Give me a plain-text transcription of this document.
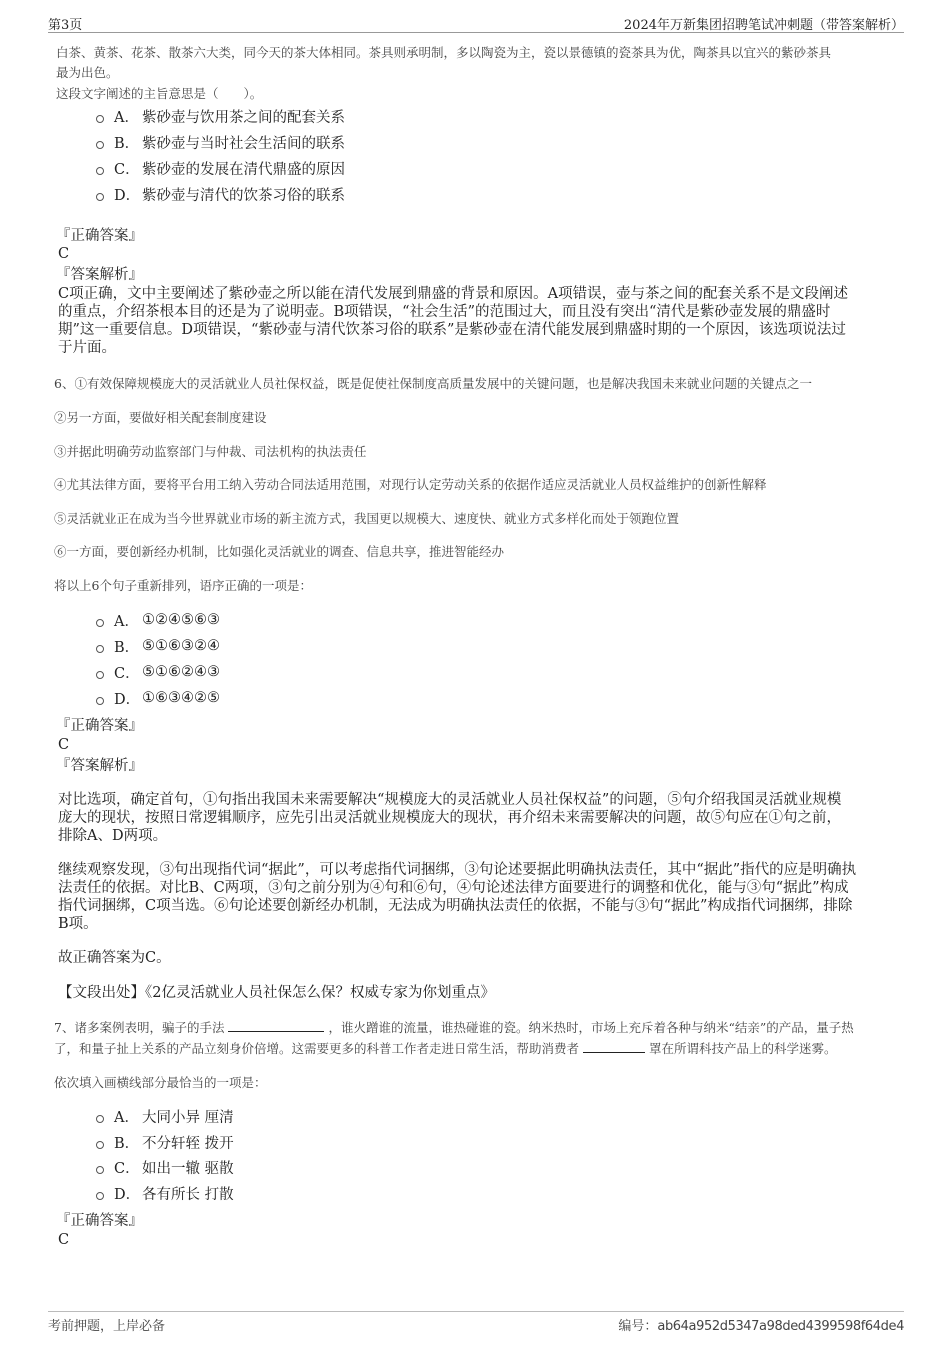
第3页	2024年万新集团招聘笔试冲刺题（带答案解析）
白茶、黄茶、花茶、散茶六大类，同今天的茶大体相同。茶具则承明制，多以陶瓷为主，瓷以景德镇的瓷茶具为优，陶茶具以宜兴的紫砂茶具
最为出色。
这段文字阐述的主旨意思是（　　）。
A． 紫砂壶与饮用茶之间的配套关系
B． 紫砂壶与当时社会生活间的联系
C． 紫砂壶的发展在清代鼎盛的原因
D． 紫砂壶与清代的饮茶习俗的联系
『正确答案』
C
『答案解析』
C项正确，文中主要阐述了紫砂壶之所以能在清代发展到鼎盛的背景和原因。A项错误，壶与茶之间的配套关系不是文段阐述
的重点，介绍茶根本目的还是为了说明壶。B项错误，“社会生活”的范围过大，而且没有突出“清代是紫砂壶发展的鼎盛时
期”这一重要信息。D项错误，“紫砂壶与清代饮茶习俗的联系”是紫砂壶在清代能发展到鼎盛时期的一个原因，该选项说法过
于片面。
6、①有效保障规模庞大的灵活就业人员社保权益，既是促使社保制度高质量发展中的关键问题，也是解决我国未来就业问题的关键点之一
②另一方面，要做好相关配套制度建设
③并据此明确劳动监察部门与仲裁、司法机构的执法责任
④尤其法律方面，要将平台用工纳入劳动合同法适用范围，对现行认定劳动关系的依据作适应灵活就业人员权益维护的创新性解释
⑤灵活就业正在成为当今世界就业市场的新主流方式，我国更以规模大、速度快、就业方式多样化而处于领跑位置
⑥一方面，要创新经办机制，比如强化灵活就业的调查、信息共享，推进智能经办
将以上6个句子重新排列，语序正确的一项是：
A． ①②④⑤⑥③
B． ⑤①⑥③②④
C． ⑤①⑥②④③
D． ①⑥③④②⑤
『正确答案』
C
『答案解析』
对比选项，确定首句，①句指出我国未来需要解决“规模庞大的灵活就业人员社保权益”的问题，⑤句介绍我国灵活就业规模
庞大的现状，按照日常逻辑顺序，应先引出灵活就业规模庞大的现状，再介绍未来需要解决的问题，故⑤句应在①句之前，
排除A、D两项。
继续观察发现，③句出现指代词“据此”，可以考虑指代词捆绑，③句论述要据此明确执法责任，其中“据此”指代的应是明确执
法责任的依据。对比B、C两项，③句之前分别为④句和⑥句，④句论述法律方面要进行的调整和优化，能与③句“据此”构成
指代词捆绑，C项当选。⑥句论述要创新经办机制，无法成为明确执法责任的依据，不能与③句“据此”构成指代词捆绑，排除
B项。
故正确答案为C。
【文段出处】《2亿灵活就业人员社保怎么保？权威专家为你划重点》
7、诸多案例表明，骗子的手法	，谁火蹭谁的流量，谁热碰谁的瓷。纳米热时，市场上充斥着各种与纳米“结亲”的产品，量子热
了，和量子扯上关系的产品立刻身价倍增。这需要更多的科普工作者走进日常生活，帮助消费者	罩在所谓科技产品上的科学迷雾。
依次填入画横线部分最恰当的一项是：
A． 大同小异 厘清
B． 不分轩轾 拨开
C． 如出一辙 驱散
D． 各有所长 打散
『正确答案』
C
考前押题，上岸必备	编号：ab64a952d5347a98ded4399598f64de4
